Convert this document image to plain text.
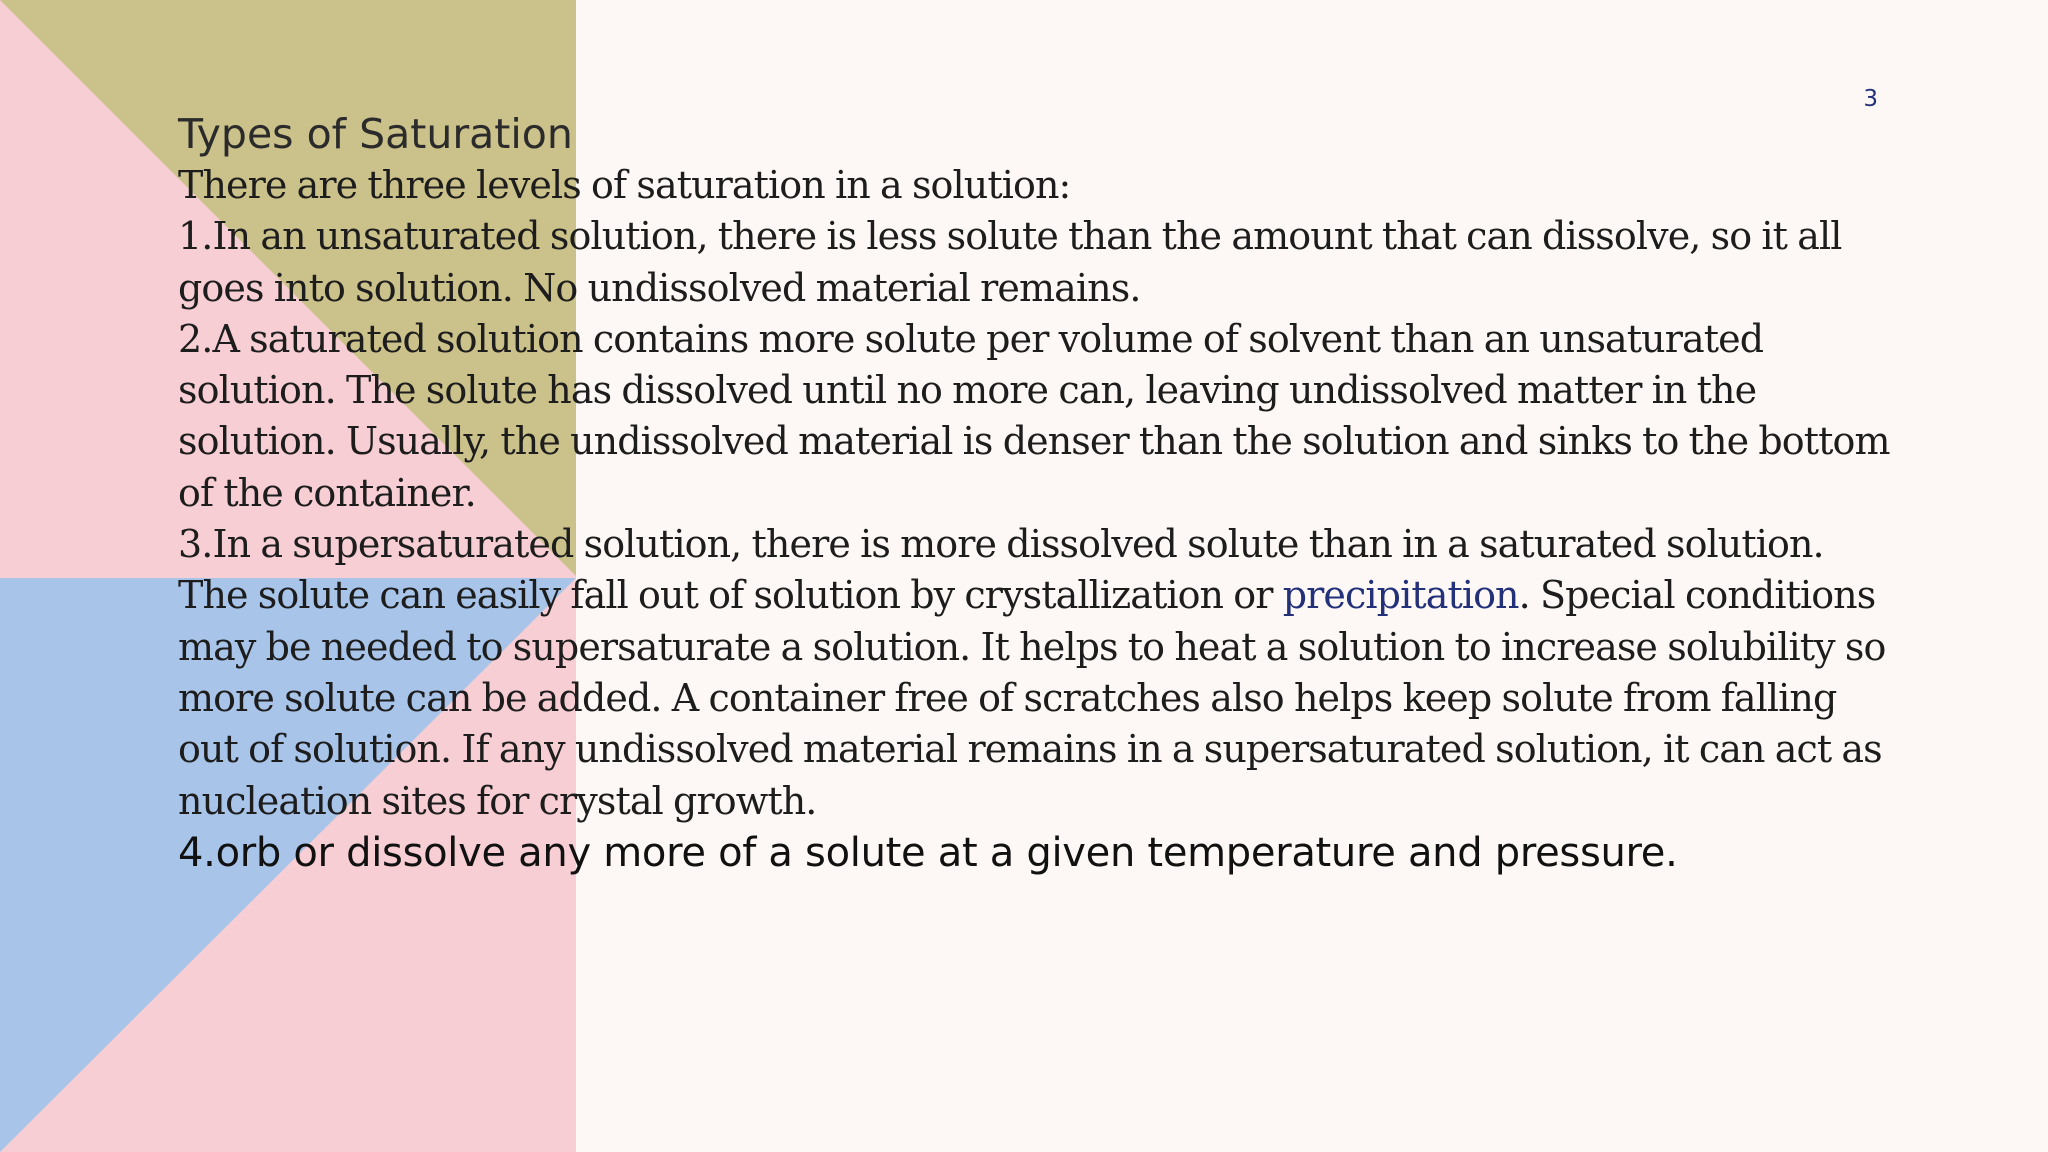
3
Types of Saturation

There are three levels of saturation in a solution:

1.In an unsaturated solution, there is less solute than the amount that can dissolve, so it all goes into solution. No undissolved material remains.

2.A saturated solution contains more solute per volume of solvent than an unsaturated solution. The solute has dissolved until no more can, leaving undissolved matter in the solution. Usually, the undissolved material is denser than the solution and sinks to the bottom of the container.

3.In a supersaturated solution, there is more dissolved solute than in a saturated solution. The solute can easily fall out of solution by crystallization or precipitation. Special conditions may be needed to supersaturate a solution. It helps to heat a solution to increase solubility so more solute can be added. A container free of scratches also helps keep solute from falling out of solution. If any undissolved material remains in a supersaturated solution, it can act as nucleation sites for crystal growth.

4.orb or dissolve any more of a solute at a given temperature and pressure.
